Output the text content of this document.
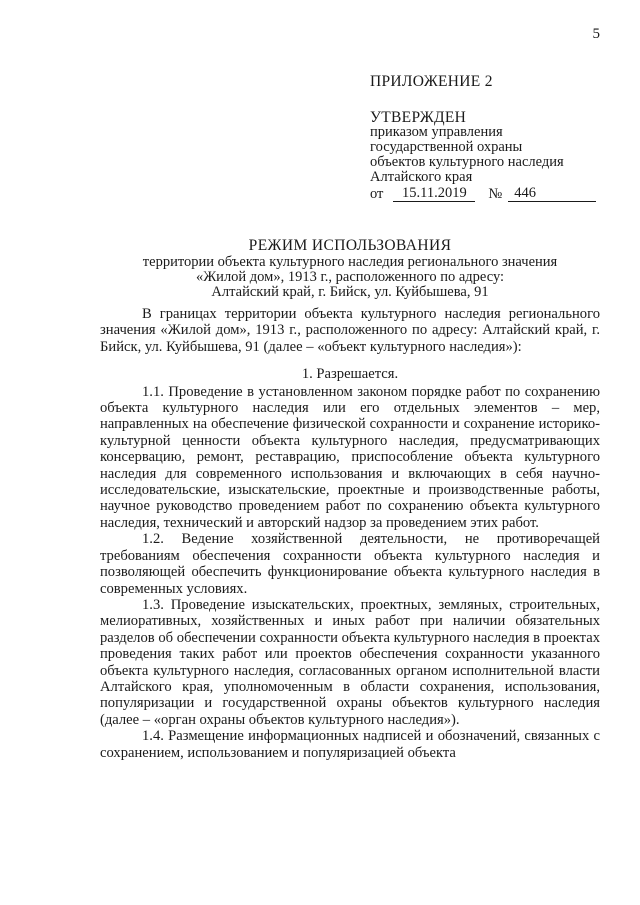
5
ПРИЛОЖЕНИЕ 2
УТВЕРЖДЕН
приказом управления
государственной охраны
объектов культурного наследия
Алтайского края
от	15.11.2019	№ 446
РЕЖИМ ИСПОЛЬЗОВАНИЯ
территории объекта культурного наследия регионального значения
«Жилой дом», 1913 г., расположенного по адресу:
Алтайский край, г. Бийск, ул. Куйбышева, 91

В границах территории объекта культурного наследия регионального значения «Жилой дом», 1913 г., расположенного по адресу: Алтайский край, г. Бийск, ул. Куйбышева, 91 (далее – «объект культурного наследия»):

1. Разрешается.

1.1. Проведение в установленном законом порядке работ по сохранению объекта культурного наследия или его отдельных элементов – мер, направленных на обеспечение физической сохранности и сохранение историко-культурной ценности объекта культурного наследия, предусматривающих консервацию, ремонт, реставрацию, приспособление объекта культурного наследия для современного использования и включающих в себя научно-исследовательские, изыскательские, проектные и производственные работы, научное руководство проведением работ по сохранению объекта культурного наследия, технический и авторский надзор за проведением этих работ.

1.2. Ведение хозяйственной деятельности, не противоречащей требованиям обеспечения сохранности объекта культурного наследия и позволяющей обеспечить функционирование объекта культурного наследия в современных условиях.

1.3. Проведение изыскательских, проектных, земляных, строительных, мелиоративных, хозяйственных и иных работ при наличии обязательных разделов об обеспечении сохранности объекта культурного наследия в проектах проведения таких работ или проектов обеспечения сохранности указанного объекта культурного наследия, согласованных органом исполнительной власти Алтайского края, уполномоченным в области сохранения, использования, популяризации и государственной охраны объектов культурного наследия (далее – «орган охраны объектов культурного наследия»).

1.4. Размещение информационных надписей и обозначений, связанных с сохранением, использованием и популяризацией объекта
